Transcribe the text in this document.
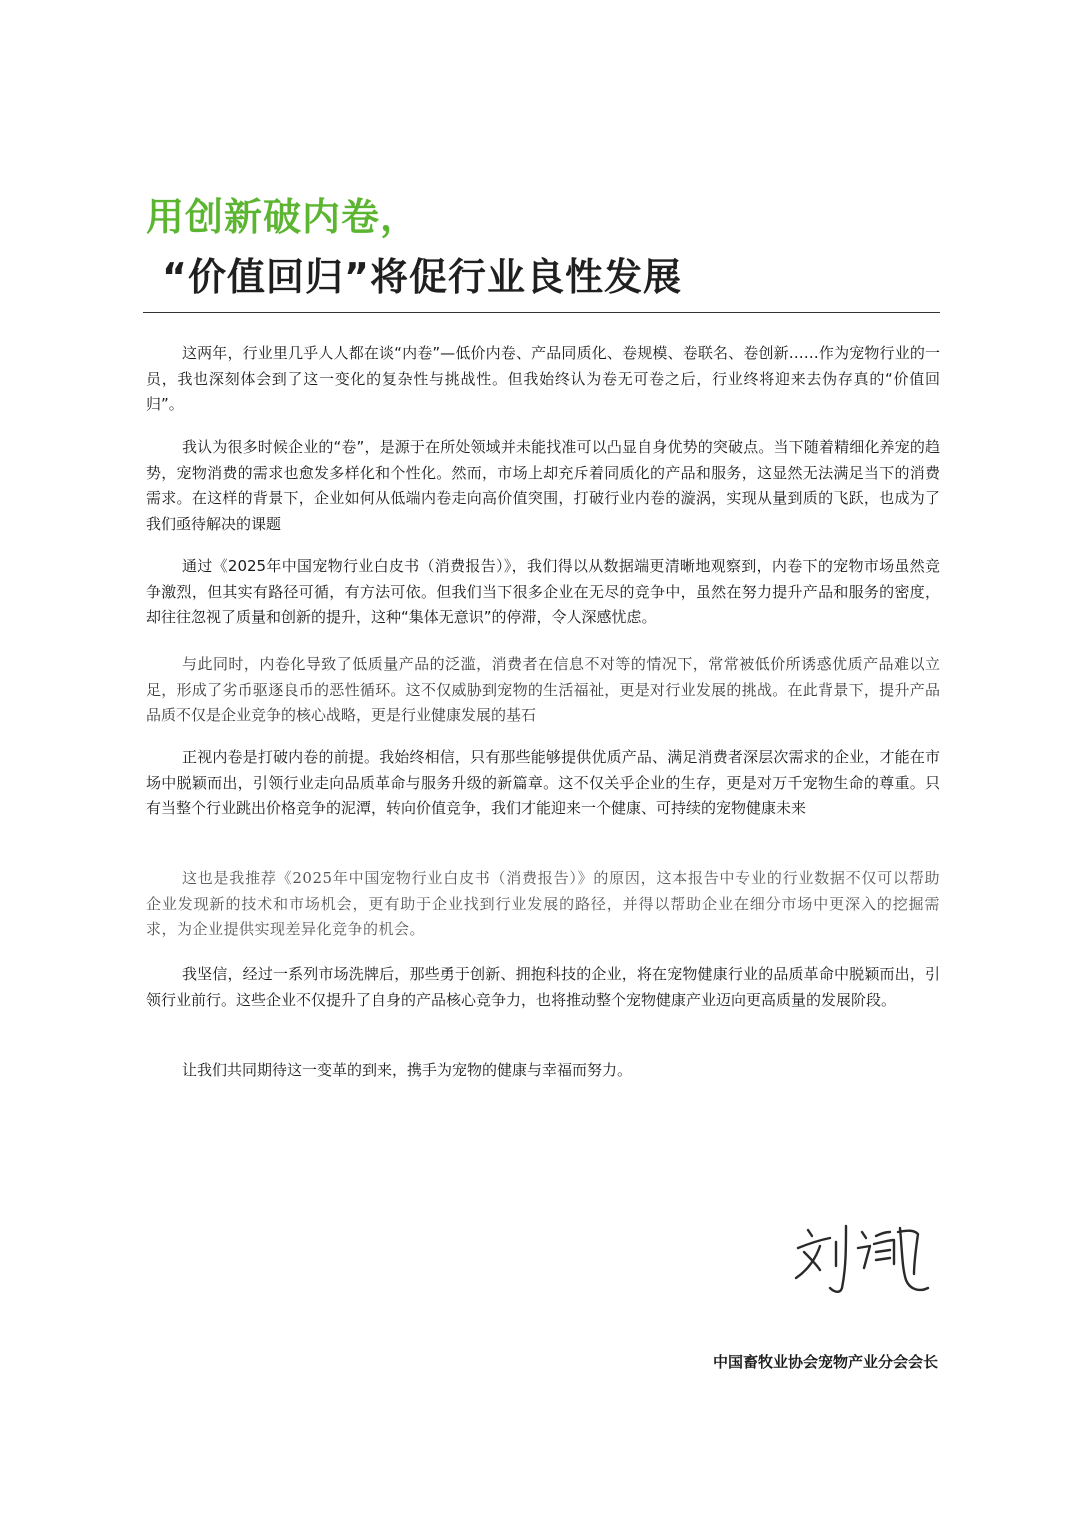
用创新破内卷，
“价值回归”将促行业良性发展

这两年，行业里几乎人人都在谈“内卷”—低价内卷、产品同质化、卷规模、卷联名、卷创新……作为宠物行业的一员，我也深刻体会到了这一变化的复杂性与挑战性。但我始终认为卷无可卷之后，行业终将迎来去伪存真的“价值回归”。

我认为很多时候企业的“卷”，是源于在所处领域并未能找准可以凸显自身优势的突破点。当下随着精细化养宠的趋势，宠物消费的需求也愈发多样化和个性化。然而，市场上却充斥着同质化的产品和服务，这显然无法满足当下的消费需求。在这样的背景下，企业如何从低端内卷走向高价值突围，打破行业内卷的漩涡，实现从量到质的飞跃，也成为了我们亟待解决的课题

通过《2025年中国宠物行业白皮书（消费报告）》，我们得以从数据端更清晰地观察到，内卷下的宠物市场虽然竞争激烈，但其实有路径可循，有方法可依。但我们当下很多企业在无尽的竞争中，虽然在努力提升产品和服务的密度，却往往忽视了质量和创新的提升，这种“集体无意识”的停滞，令人深感忧虑。

与此同时，内卷化导致了低质量产品的泛滥，消费者在信息不对等的情况下，常常被低价所诱惑优质产品难以立足，形成了劣币驱逐良币的恶性循环。这不仅威胁到宠物的生活福祉，更是对行业发展的挑战。在此背景下，提升产品品质不仅是企业竞争的核心战略，更是行业健康发展的基石

正视内卷是打破内卷的前提。我始终相信，只有那些能够提供优质产品、满足消费者深层次需求的企业，才能在市场中脱颖而出，引领行业走向品质革命与服务升级的新篇章。这不仅关乎企业的生存，更是对万千宠物生命的尊重。只有当整个行业跳出价格竞争的泥潭，转向价值竞争，我们才能迎来一个健康、可持续的宠物健康未来

这也是我推荐《2025年中国宠物行业白皮书（消费报告）》的原因，这本报告中专业的行业数据不仅可以帮助企业发现新的技术和市场机会，更有助于企业找到行业发展的路径，并得以帮助企业在细分市场中更深入的挖掘需求，为企业提供实现差异化竞争的机会。

我坚信，经过一系列市场洗牌后，那些勇于创新、拥抱科技的企业，将在宠物健康行业的品质革命中脱颖而出，引领行业前行。这些企业不仅提升了自身的产品核心竞争力，也将推动整个宠物健康产业迈向更高质量的发展阶段。

让我们共同期待这一变革的到来，携手为宠物的健康与幸福而努力。

中国畜牧业协会宠物产业分会会长
